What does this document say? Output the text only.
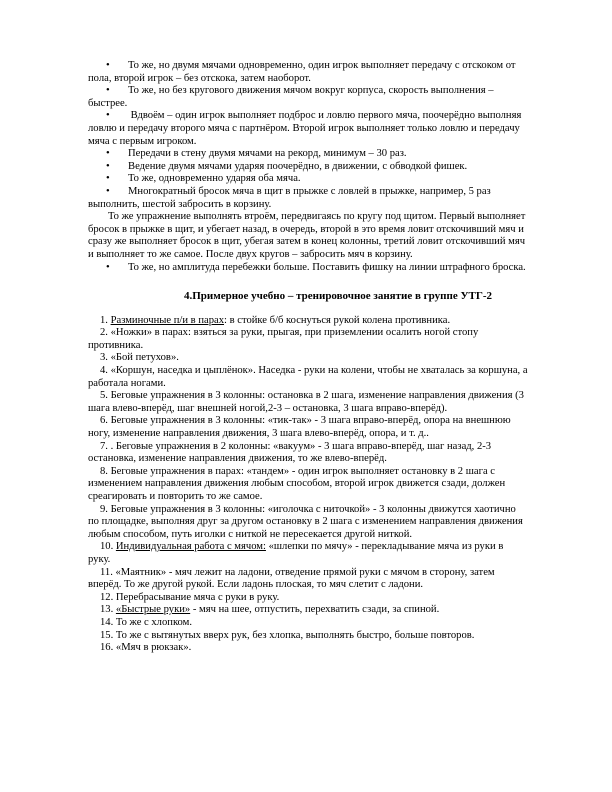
• То же, но двумя мячами одновременно, один игрок выполняет передачу с отскоком от пола, второй игрок – без отскока, затем наоборот.
• То же, но без кругового движения мячом вокруг корпуса, скорость выполнения – быстрее.
• Вдвоём – один игрок выполняет подброс и ловлю первого мяча, поочерёдно выполняя ловлю и передачу второго мяча с партнёром. Второй игрок выполняет только ловлю и передачу мяча с первым игроком.
• Передачи в стену двумя мячами на рекорд, минимум – 30 раз.
• Ведение двумя мячами ударяя поочерёдно, в движении, с обводкой фишек.
• То же, одновременно ударяя оба мяча.
• Многократный бросок мяча в щит в прыжке с ловлей в прыжке, например, 5 раз выполнить, шестой забросить в корзину.
То же упражнение выполнять втроём, передвигаясь по кругу под щитом. Первый выполняет бросок в прыжке в щит, и убегает назад, в очередь, второй в это время ловит отскочивший мяч и сразу же выполняет бросок в щит, убегая затем в конец колонны, третий ловит отскочивший мяч и выполняет то же самое. После двух кругов – забросить мяч в корзину.
• То же, но амплитуда перебежки больше. Поставить фишку на линии штрафного броска.
4.Примерное учебно – тренировочное занятие в группе УТГ-2
1. Разминочные п/и в парах: в стойке б/б коснуться рукой колена противника.
2. «Ножки» в парах: взяться за руки, прыгая, при приземлении осалить ногой стопу противника.
3. «Бой петухов».
4. «Коршун, наседка и цыплёнок». Наседка - руки на колени, чтобы не хваталась за коршуна, а работала ногами.
5. Беговые упражнения в 3 колонны: остановка в 2 шага, изменение направления движения (3 шага влево-вперёд, шаг внешней ногой,2-3 – остановка, 3 шага вправо-вперёд).
6. Беговые упражнения в 3 колонны: «тик-так» - 3 шага вправо-вперёд, опора на внешнюю ногу, изменение направления движения, 3 шага влево-вперёд, опора, и т. д..
7. . Беговые упражнения в 2 колонны: «вакуум» - 3 шага вправо-вперёд, шаг назад, 2-3 остановка, изменение направления движения, то же влево-вперёд.
8. Беговые упражнения в парах: «тандем» - один игрок выполняет остановку в 2 шага с изменением направления движения любым способом, второй игрок движется сзади, должен среагировать и повторить то же самое.
9. Беговые упражнения в 3 колонны: «иголочка с ниточкой» - 3 колонны движутся хаотично по площадке, выполняя друг за другом остановку в 2 шага с изменением направления движения любым способом, путь иголки с ниткой не пересекается другой ниткой.
10. Индивидуальная работа с мячом: «шлепки по мячу» - перекладывание мяча из руки в руку.
11. «Маятник» - мяч лежит на ладони, отведение прямой руки с мячом в сторону, затем вперёд. То же другой рукой. Если ладонь плоская, то мяч слетит с ладони.
12. Перебрасывание мяча с руки в руку.
13. «Быстрые руки» - мяч на шее, отпустить, перехватить сзади, за спиной.
14. То же с хлопком.
15. То же с вытянутых вверх рук, без хлопка, выполнять быстро, больше повторов.
16. «Мяч в рюкзак».
